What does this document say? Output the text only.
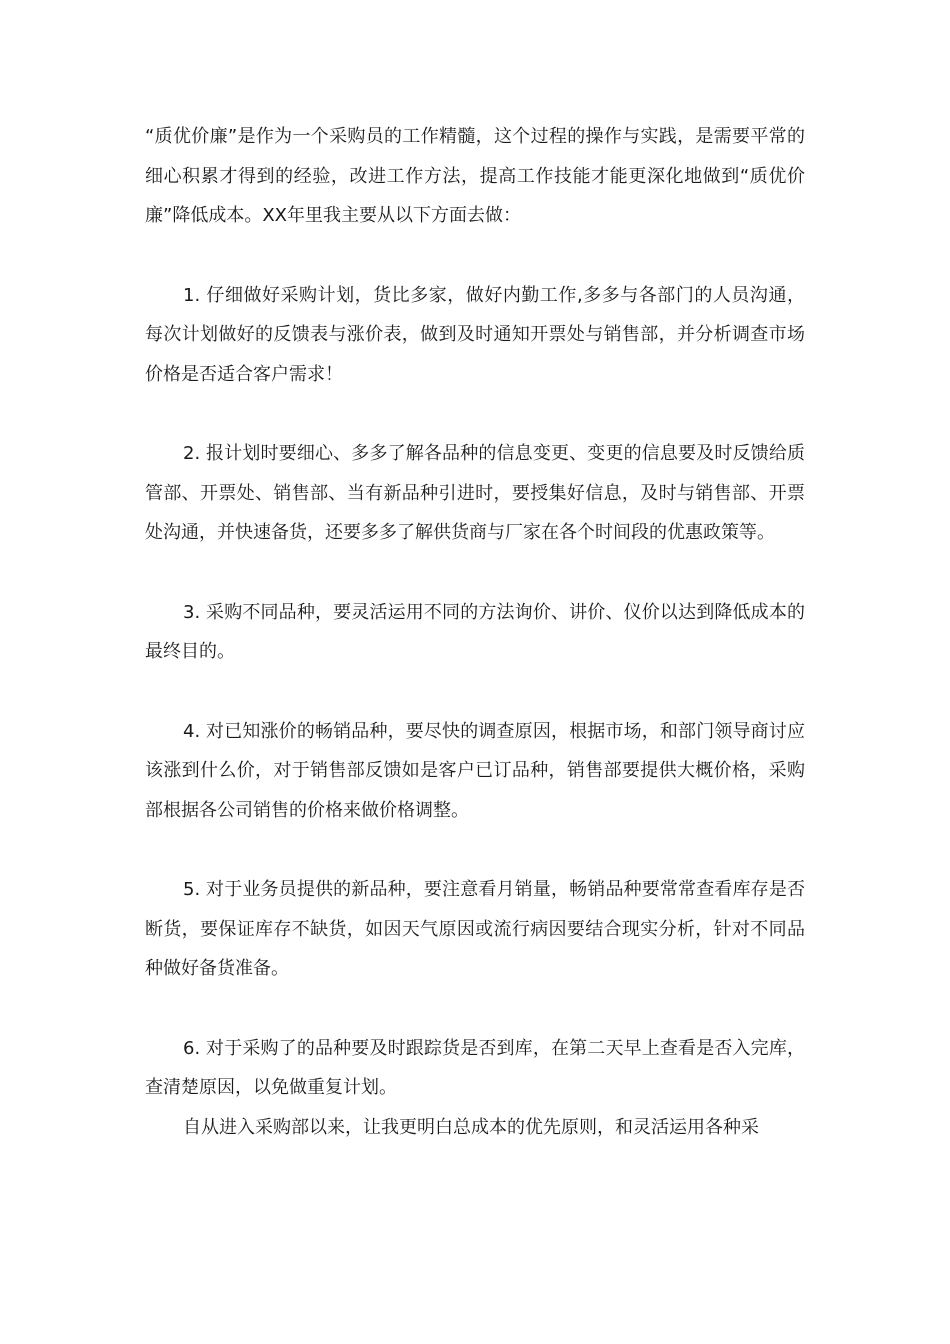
“质优价廉”是作为一个采购员的工作精髓，这个过程的操作与实践，是需要平常的细心积累才得到的经验，改进工作方法，提高工作技能才能更深化地做到“质优价廉”降低成本。XX年里我主要从以下方面去做：

1. 仔细做好采购计划，货比多家，做好内勤工作,多多与各部门的人员沟通，每次计划做好的反馈表与涨价表，做到及时通知开票处与销售部，并分析调查市场价格是否适合客户需求！

2. 报计划时要细心、多多了解各品种的信息变更、变更的信息要及时反馈给质管部、开票处、销售部、当有新品种引进时，要授集好信息，及时与销售部、开票处沟通，并快速备货，还要多多了解供货商与厂家在各个时间段的优惠政策等。

3. 采购不同品种，要灵活运用不同的方法询价、讲价、仪价以达到降低成本的最终目的。

4. 对已知涨价的畅销品种，要尽快的调查原因，根据市场，和部门领导商讨应该涨到什么价，对于销售部反馈如是客户已订品种，销售部要提供大概价格，采购部根据各公司销售的价格来做价格调整。

5. 对于业务员提供的新品种，要注意看月销量，畅销品种要常常查看库存是否断货，要保证库存不缺货，如因天气原因或流行病因要结合现实分析，针对不同品种做好备货准备。

6. 对于采购了的品种要及时跟踪货是否到库，在第二天早上查看是否入完库，查清楚原因，以免做重复计划。

自从进入采购部以来，让我更明白总成本的优先原则，和灵活运用各种采
